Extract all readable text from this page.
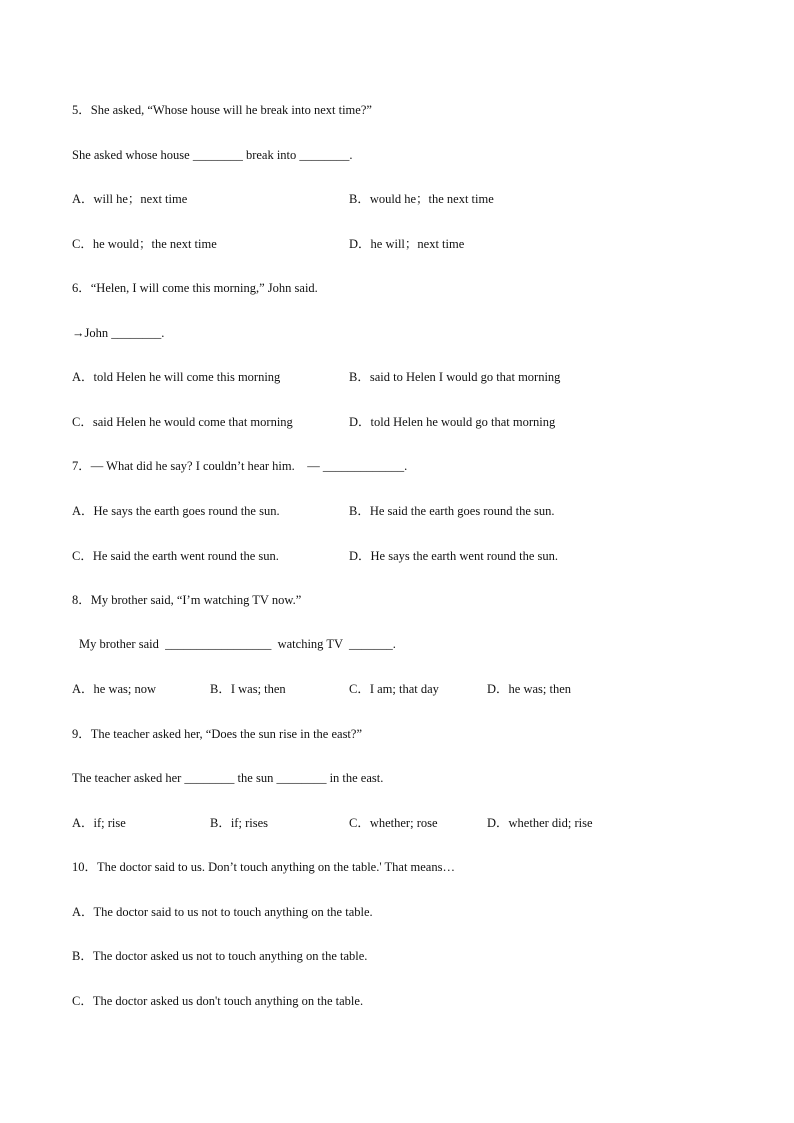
5．She asked, “Whose house will he break into next time?”
She asked whose house ________ break into ________.
A．will he；next time	B．would he；the next time
C．he would；the next time	D．he will；next time
6．“Helen, I will come this morning,” John said.
→John ________.
A．told Helen he will come this morning	B．said to Helen I would go that morning
C．said Helen he would come that morning	D．told Helen he would go that morning
7．— What did he say? I couldn’t hear him.    — _____________.
A．He says the earth goes round the sun.	B．He said the earth goes round the sun.
C．He said the earth went round the sun.	D．He says the earth went round the sun.
8．My brother said, “I’m watching TV now.”
My brother said  _________________  watching TV  _______.
A．he was; now	B．I was; then	C．I am; that day	D．he was; then
9．The teacher asked her, “Does the sun rise in the east?”
The teacher asked her ________ the sun ________ in the east.
A．if; rise	B．if; rises	C．whether; rose	D．whether did; rise
10．The doctor said to us. Don’t touch anything on the table.' That means…
A．The doctor said to us not to touch anything on the table.
B．The doctor asked us not to touch anything on the table.
C．The doctor asked us don't touch anything on the table.
